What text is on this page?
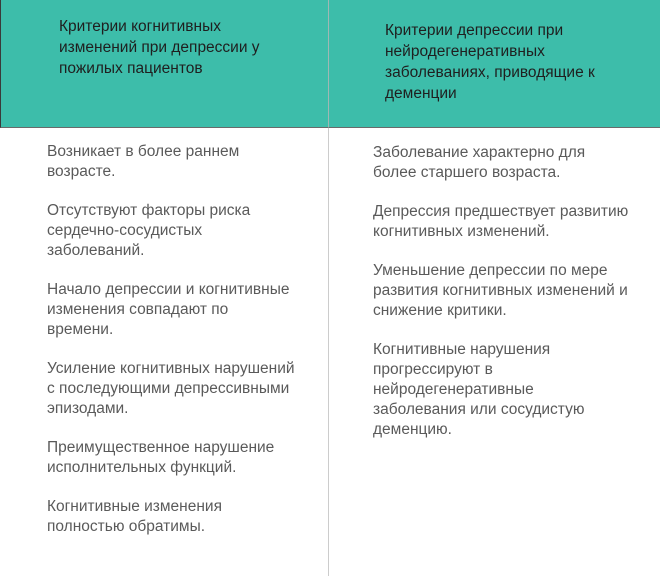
Критерии когнитивных изменений при депрессии у пожилых пациентов
Критерии депрессии при нейродегенеративных заболеваниях, приводящие к деменции

Возникает в более раннем возрасте.

Отсутствуют факторы риска сердечно-сосудистых заболеваний.

Начало депрессии и когнитивные изменения совпадают по времени.

Усиление когнитивных нарушений с последующими депрессивными эпизодами.

Преимущественное нарушение исполнительных функций.

Когнитивные изменения полностью обратимы.

Заболевание характерно для более старшего возраста.

Депрессия предшествует развитию когнитивных изменений.

Уменьшение депрессии по мере развития когнитивных изменений и снижение критики.

Когнитивные нарушения прогрессируют в нейродегенеративные заболевания или сосудистую деменцию.
